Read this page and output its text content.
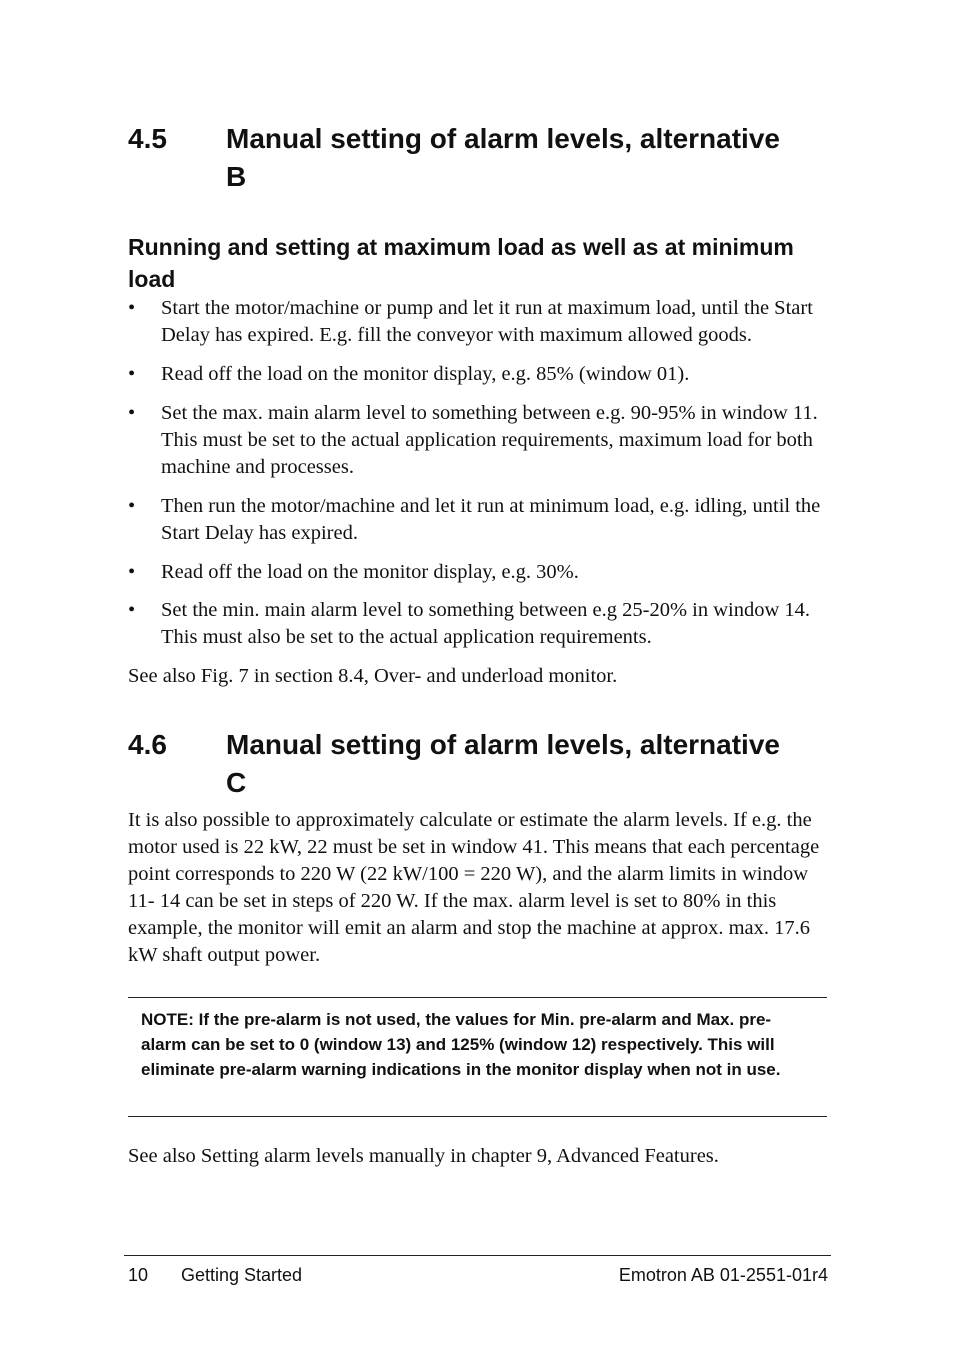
4.5 Manual setting of alarm levels, alternative B
Running and setting at maximum load as well as at minimum load
• Start the motor/machine or pump and let it run at maximum load, until the Start Delay has expired. E.g. fill the conveyor with maximum allowed goods.
• Read off the load on the monitor display, e.g. 85% (window 01).
• Set the max. main alarm level to something between e.g. 90-95% in window 11. This must be set to the actual application requirements, maximum load for both machine and processes.
• Then run the motor/machine and let it run at minimum load, e.g. idling, until the Start Delay has expired.
• Read off the load on the monitor display, e.g. 30%.
• Set the min. main alarm level to something between e.g 25-20% in window 14. This must also be set to the actual application requirements.
See also Fig. 7 in section 8.4, Over- and underload monitor.
4.6 Manual setting of alarm levels, alternative C
It is also possible to approximately calculate or estimate the alarm levels. If e.g. the motor used is 22 kW, 22 must be set in window 41. This means that each percentage point corresponds to 220 W (22 kW/100 = 220 W), and the alarm limits in window 11- 14 can be set in steps of 220 W. If the max. alarm level is set to 80% in this example, the monitor will emit an alarm and stop the machine at approx. max. 17.6 kW shaft output power.
NOTE: If the pre-alarm is not used, the values for Min. pre-alarm and Max. pre-alarm can be set to 0 (window 13) and 125% (window 12) respectively. This will eliminate pre-alarm warning indications in the monitor display when not in use.
See also Setting alarm levels manually in chapter 9, Advanced Features.
10 Getting Started	Emotron AB 01-2551-01r4
